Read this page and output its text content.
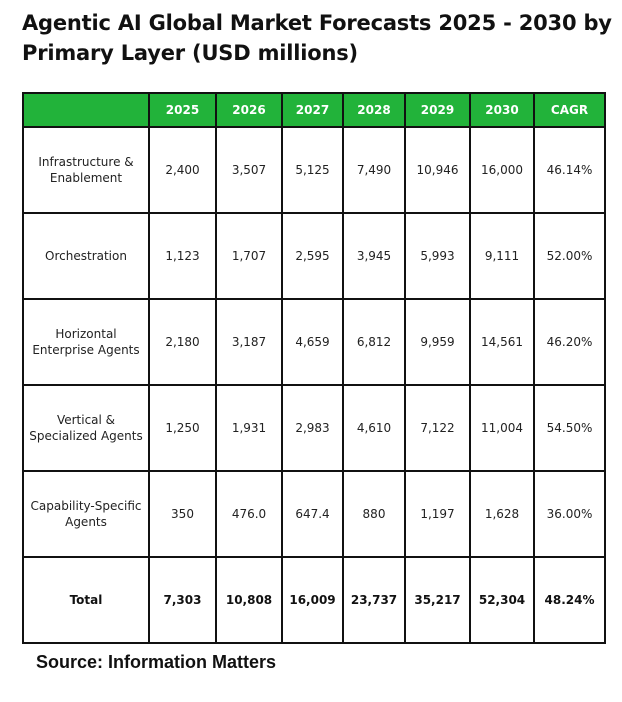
Agentic AI Global Market Forecasts 2025 - 2030 by Primary Layer (USD millions)
	2025	2026	2027	2028	2029	2030	CAGR
Infrastructure & Enablement	2,400	3,507	5,125	7,490	10,946	16,000	46.14%
Orchestration	1,123	1,707	2,595	3,945	5,993	9,111	52.00%
Horizontal Enterprise Agents	2,180	3,187	4,659	6,812	9,959	14,561	46.20%
Vertical & Specialized Agents	1,250	1,931	2,983	4,610	7,122	11,004	54.50%
Capability-Specific Agents	350	476.0	647.4	880	1,197	1,628	36.00%
Total	7,303	10,808	16,009	23,737	35,217	52,304	48.24%
Source: Information Matters
